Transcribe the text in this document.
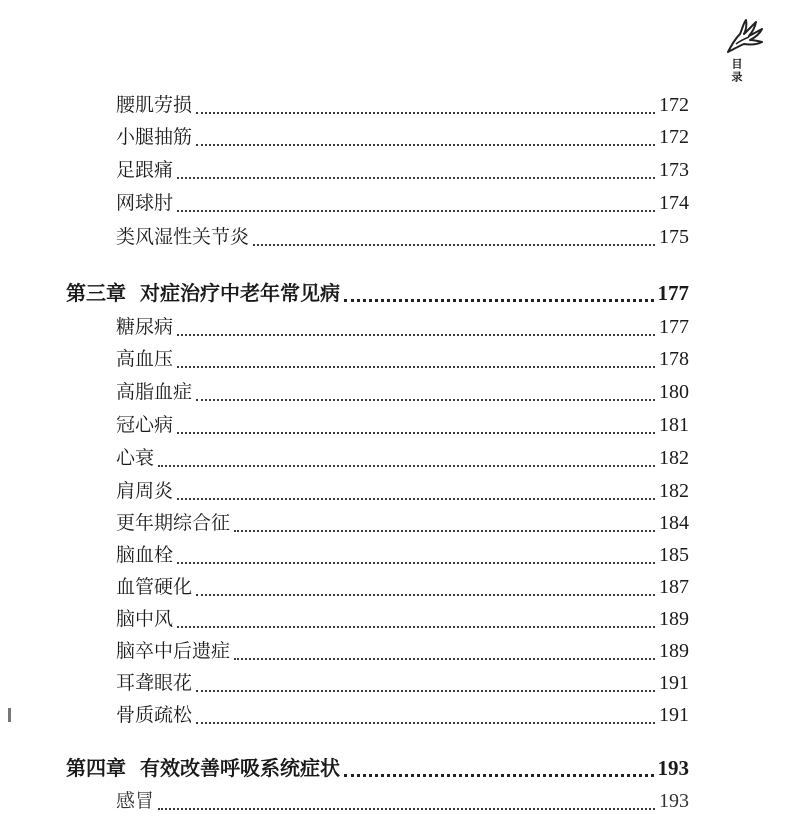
目录
腰肌劳损	172
小腿抽筋	172
足跟痛	173
网球肘	174
类风湿性关节炎	175
第三章 对症治疗中老年常见病	177
糖尿病	177
高血压	178
高脂血症	180
冠心病	181
心衰	182
肩周炎	182
更年期综合征	184
脑血栓	185
血管硬化	187
脑中风	189
脑卒中后遗症	189
耳聋眼花	191
骨质疏松	191
第四章 有效改善呼吸系统症状	193
感冒	193
